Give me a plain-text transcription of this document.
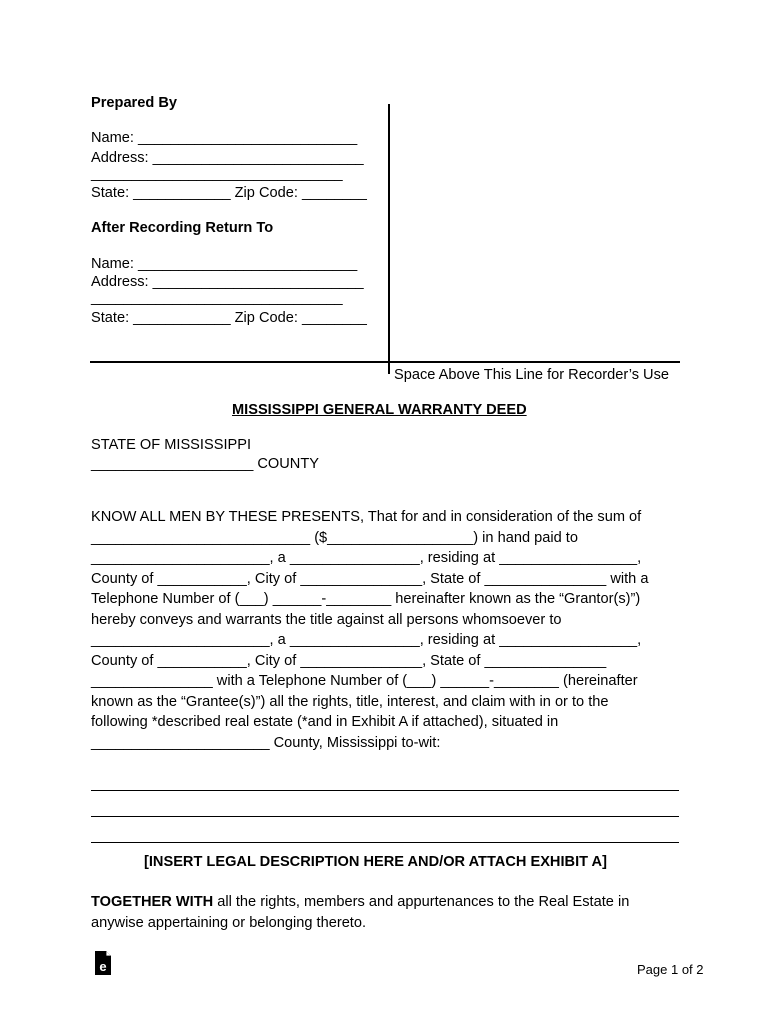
Prepared By
Name: ___________________________
Address: __________________________
_______________________________
State: ____________ Zip Code: ________
After Recording Return To
Name: ___________________________
Address: __________________________
_______________________________
State: ____________ Zip Code: ________
Space Above This Line for Recorder’s Use
MISSISSIPPI GENERAL WARRANTY DEED
STATE OF MISSISSIPPI
____________________ COUNTY
KNOW ALL MEN BY THESE PRESENTS, That for and in consideration of the sum of
___________________________ ($__________________) in hand paid to
______________________, a ________________, residing at _________________,
County of ___________, City of _______________, State of _______________ with a
Telephone Number of (___) ______-________ hereinafter known as the “Grantor(s)”)
hereby conveys and warrants the title against all persons whomsoever to
______________________, a ________________, residing at _________________,
County of ___________, City of _______________, State of _______________
_______________ with a Telephone Number of (___) ______-________ (hereinafter
known as the “Grantee(s)”) all the rights, title, interest, and claim with in or to the
following *described real estate (*and in Exhibit A if attached), situated in
______________________ County, Mississippi to-wit:
[INSERT LEGAL DESCRIPTION HERE AND/OR ATTACH EXHIBIT A]
TOGETHER WITH all the rights, members and appurtenances to the Real Estate in
anywise appertaining or belonging thereto.
e	Page 1 of 2
